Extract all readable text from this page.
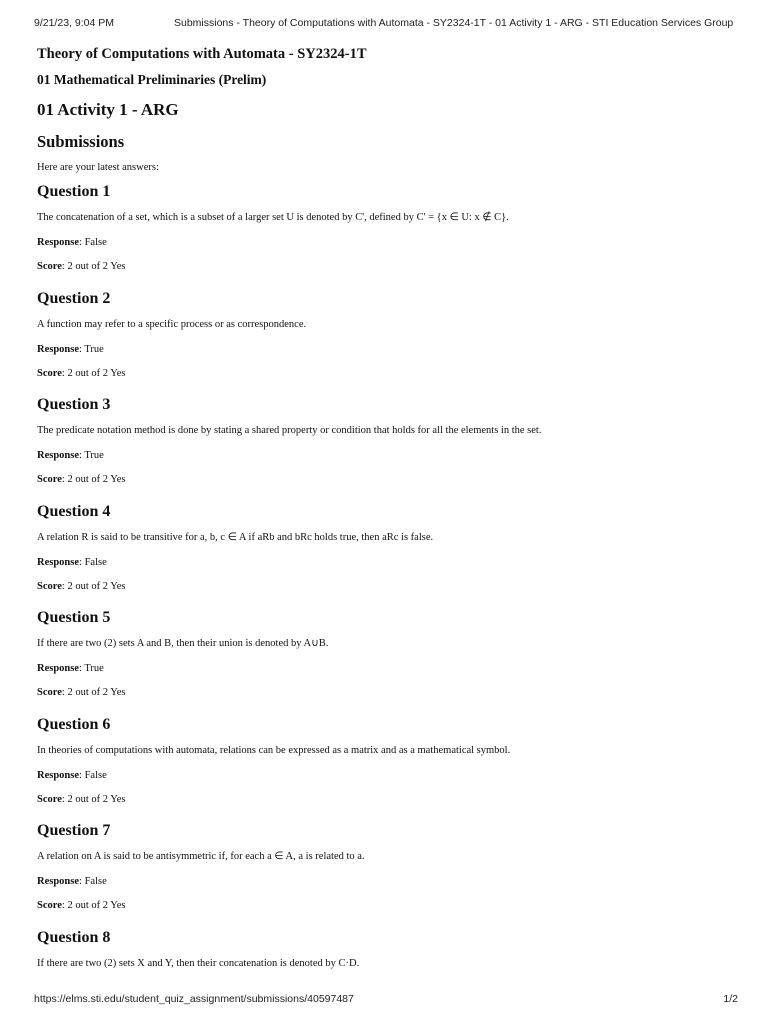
9/21/23, 9:04 PM	Submissions - Theory of Computations with Automata - SY2324-1T - 01 Activity 1 - ARG - STI Education Services Group
Theory of Computations with Automata - SY2324-1T
01 Mathematical Preliminaries (Prelim)
01 Activity 1 - ARG
Submissions

Here are your latest answers:

Question 1

The concatenation of a set, which is a subset of a larger set U is denoted by C', defined by C' = {x ∈ U: x ∉ C}.

Response: False

Score: 2 out of 2 Yes

Question 2

A function may refer to a specific process or as correspondence.

Response: True

Score: 2 out of 2 Yes

Question 3

The predicate notation method is done by stating a shared property or condition that holds for all the elements in the set.

Response: True

Score: 2 out of 2 Yes

Question 4

A relation R is said to be transitive for a, b, c ∈ A if aRb and bRc holds true, then aRc is false.

Response: False

Score: 2 out of 2 Yes

Question 5

If there are two (2) sets A and B, then their union is denoted by A∪B.

Response: True

Score: 2 out of 2 Yes

Question 6

In theories of computations with automata, relations can be expressed as a matrix and as a mathematical symbol.

Response: False

Score: 2 out of 2 Yes

Question 7

A relation on A is said to be antisymmetric if, for each a ∈ A, a is related to a.

Response: False

Score: 2 out of 2 Yes

Question 8

If there are two (2) sets X and Y, then their concatenation is denoted by C·D.

https://elms.sti.edu/student_quiz_assignment/submissions/40597487	1/2
